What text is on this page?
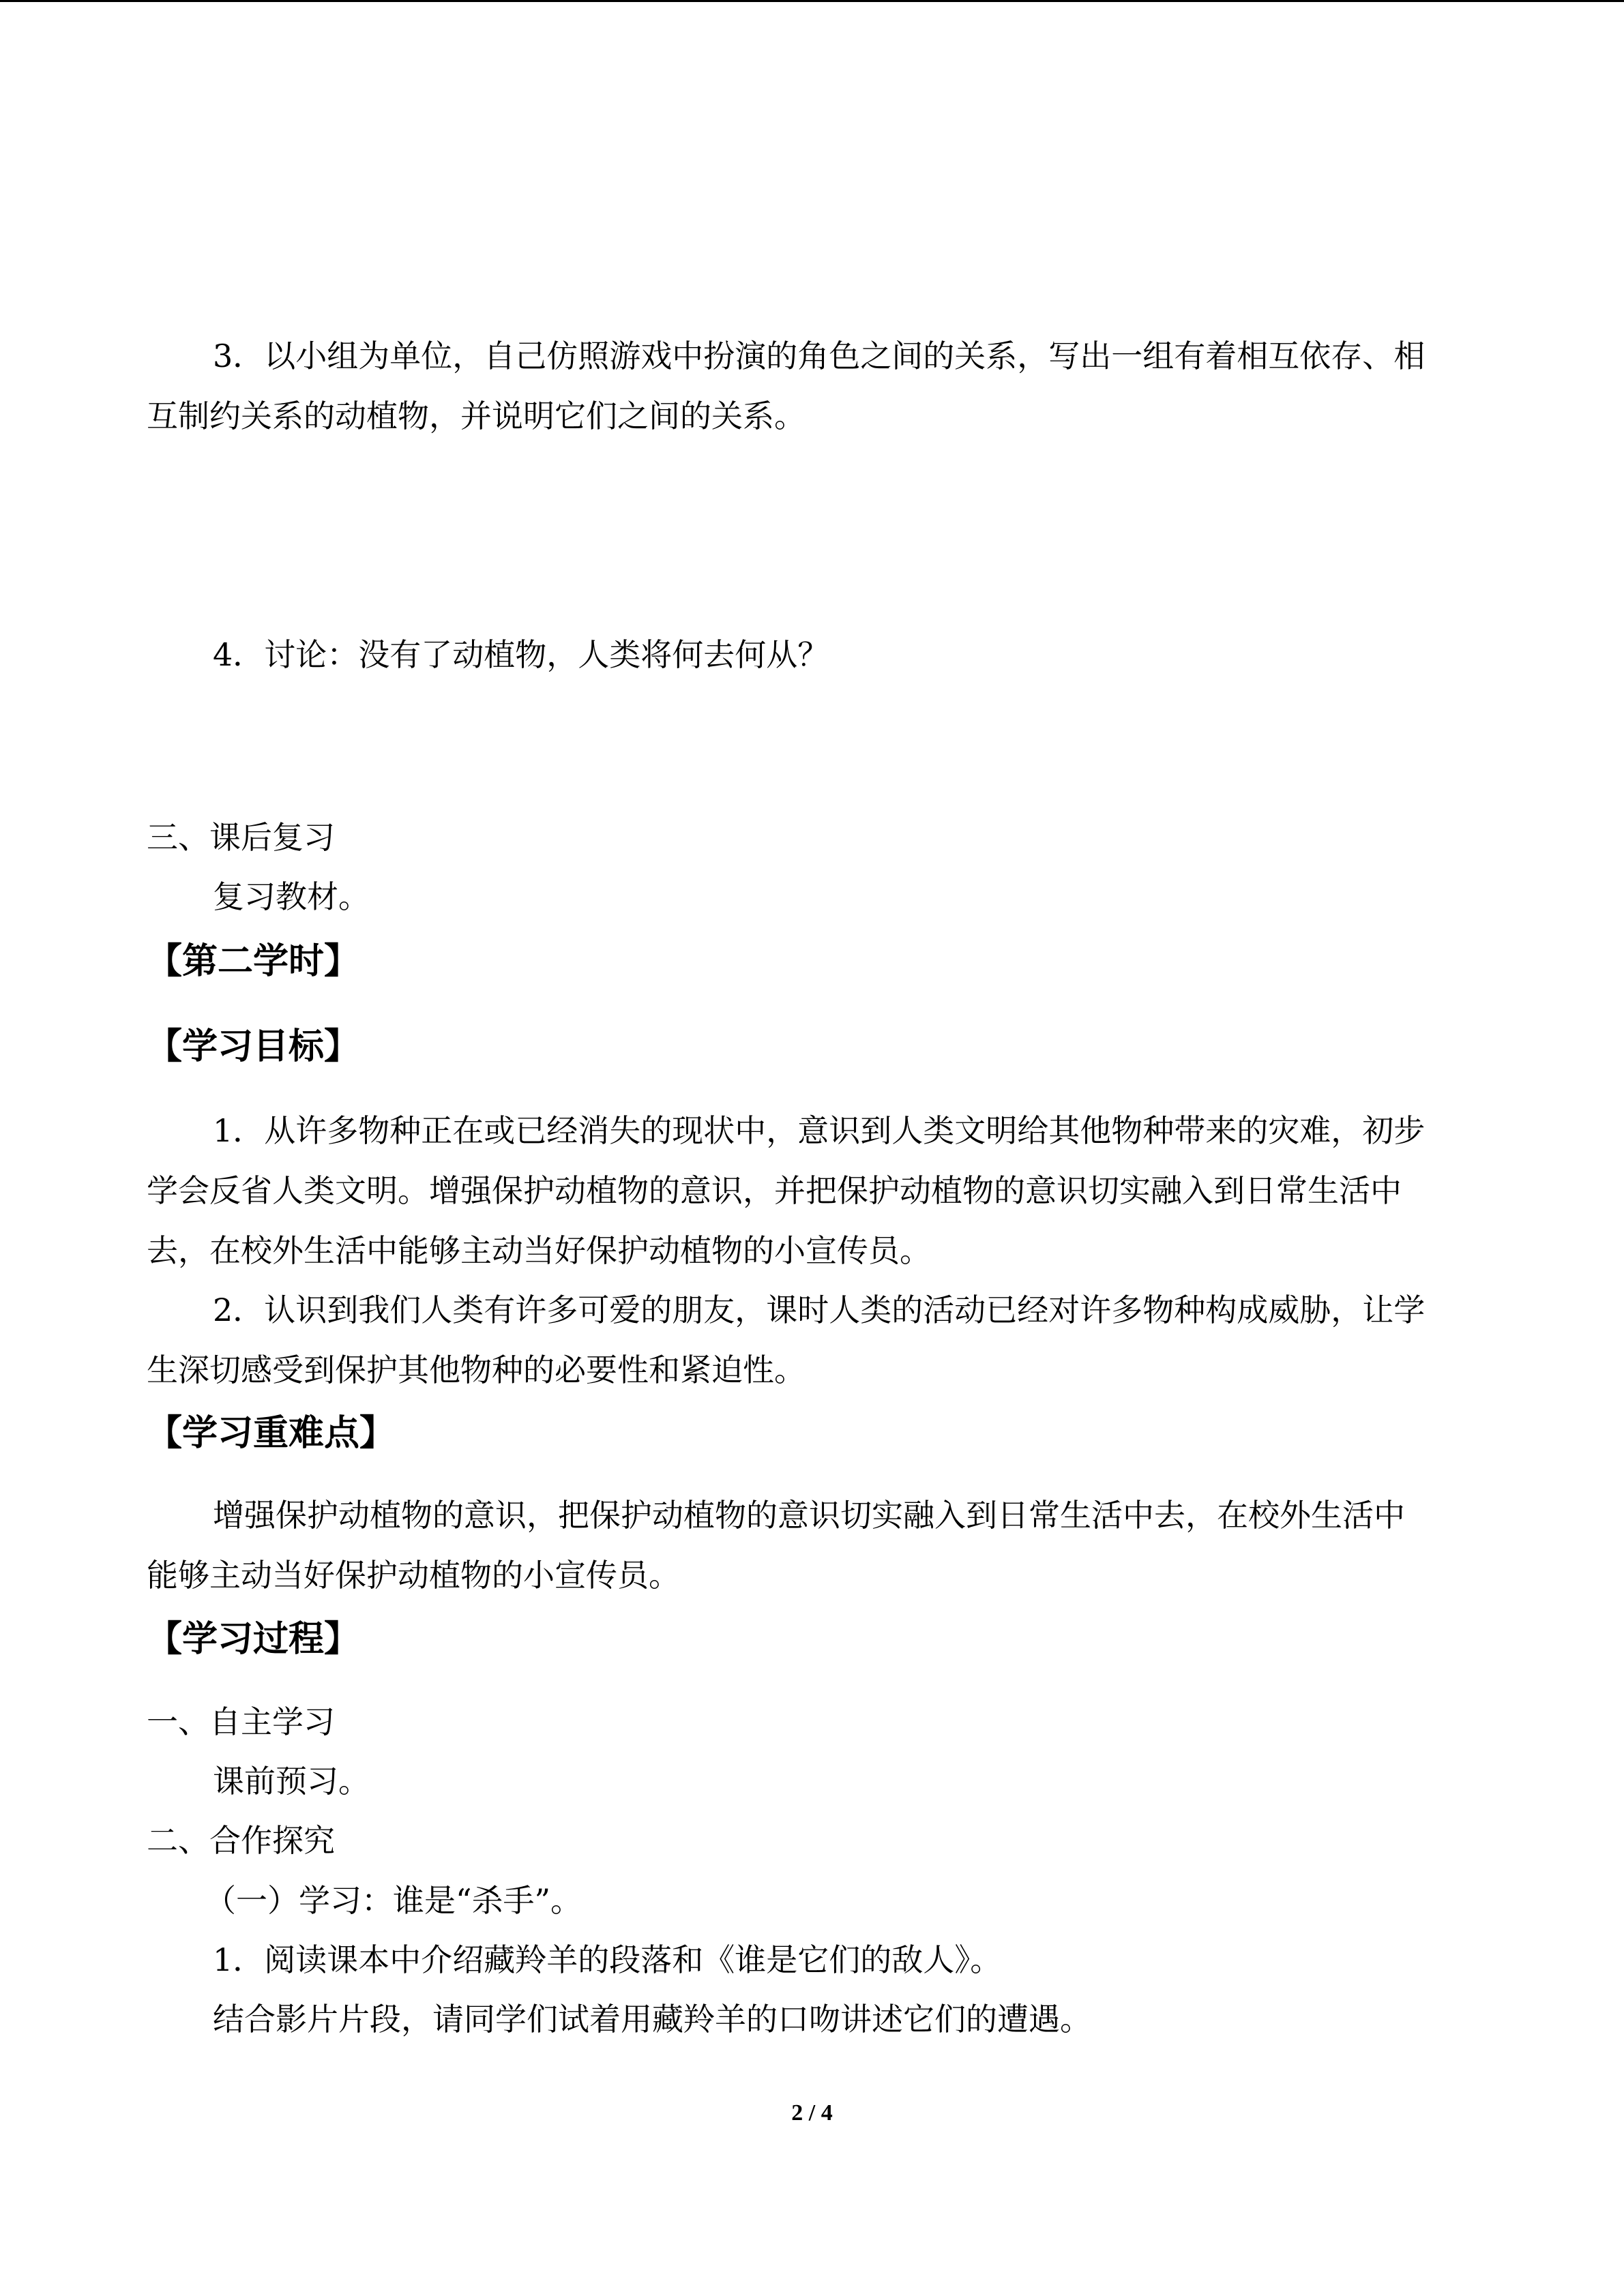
3．以小组为单位，自己仿照游戏中扮演的角色之间的关系，写出一组有着相互依存、相
互制约关系的动植物，并说明它们之间的关系。
4．讨论：没有了动植物，人类将何去何从？
三、课后复习
复习教材。
【第二学时】
【学习目标】
1．从许多物种正在或已经消失的现状中，意识到人类文明给其他物种带来的灾难，初步
学会反省人类文明。增强保护动植物的意识，并把保护动植物的意识切实融入到日常生活中
去，在校外生活中能够主动当好保护动植物的小宣传员。
2．认识到我们人类有许多可爱的朋友，课时人类的活动已经对许多物种构成威胁，让学
生深切感受到保护其他物种的必要性和紧迫性。
【学习重难点】
增强保护动植物的意识，把保护动植物的意识切实融入到日常生活中去，在校外生活中
能够主动当好保护动植物的小宣传员。
【学习过程】
一、自主学习
课前预习。
二、合作探究
（一）学习：谁是“杀手”。
1．阅读课本中介绍藏羚羊的段落和《谁是它们的敌人》。
结合影片片段，请同学们试着用藏羚羊的口吻讲述它们的遭遇。
2 / 4
